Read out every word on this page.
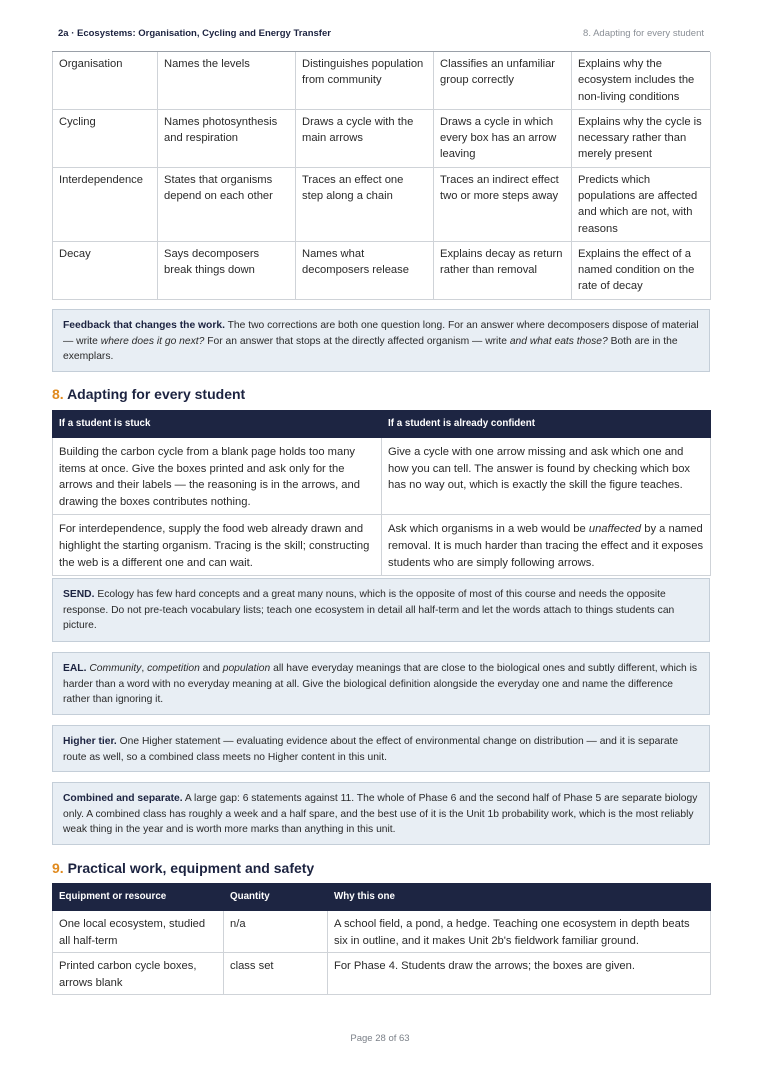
2a · Ecosystems: Organisation, Cycling and Energy Transfer	8. Adapting for every student
Organisation	Names the levels	Distinguishes population from community	Classifies an unfamiliar group correctly	Explains why the ecosystem includes the non-living conditions
Cycling	Names photosynthesis and respiration	Draws a cycle with the main arrows	Draws a cycle in which every box has an arrow leaving	Explains why the cycle is necessary rather than merely present
Interdependence	States that organisms depend on each other	Traces an effect one step along a chain	Traces an indirect effect two or more steps away	Predicts which populations are affected and which are not, with reasons
Decay	Says decomposers break things down	Names what decomposers release	Explains decay as return rather than removal	Explains the effect of a named condition on the rate of decay
Feedback that changes the work. The two corrections are both one question long. For an answer where decomposers dispose of material — write where does it go next? For an answer that stops at the directly affected organism — write and what eats those? Both are in the exemplars.
8. Adapting for every student
If a student is stuck	If a student is already confident
Building the carbon cycle from a blank page holds too many items at once. Give the boxes printed and ask only for the arrows and their labels — the reasoning is in the arrows, and drawing the boxes contributes nothing.	Give a cycle with one arrow missing and ask which one and how you can tell. The answer is found by checking which box has no way out, which is exactly the skill the figure teaches.
For interdependence, supply the food web already drawn and highlight the starting organism. Tracing is the skill; constructing the web is a different one and can wait.	Ask which organisms in a web would be unaffected by a named removal. It is much harder than tracing the effect and it exposes students who are simply following arrows.
SEND. Ecology has few hard concepts and a great many nouns, which is the opposite of most of this course and needs the opposite response. Do not pre-teach vocabulary lists; teach one ecosystem in detail all half-term and let the words attach to things students can picture.
EAL. Community, competition and population all have everyday meanings that are close to the biological ones and subtly different, which is harder than a word with no everyday meaning at all. Give the biological definition alongside the everyday one and name the difference rather than ignoring it.
Higher tier. One Higher statement — evaluating evidence about the effect of environmental change on distribution — and it is separate route as well, so a combined class meets no Higher content in this unit.
Combined and separate. A large gap: 6 statements against 11. The whole of Phase 6 and the second half of Phase 5 are separate biology only. A combined class has roughly a week and a half spare, and the best use of it is the Unit 1b probability work, which is the most reliably weak thing in the year and is worth more marks than anything in this unit.
9. Practical work, equipment and safety
Equipment or resource	Quantity	Why this one
One local ecosystem, studied all half-term	n/a	A school field, a pond, a hedge. Teaching one ecosystem in depth beats six in outline, and it makes Unit 2b's fieldwork familiar ground.
Printed carbon cycle boxes, arrows blank	class set	For Phase 4. Students draw the arrows; the boxes are given.
Page 28 of 63
